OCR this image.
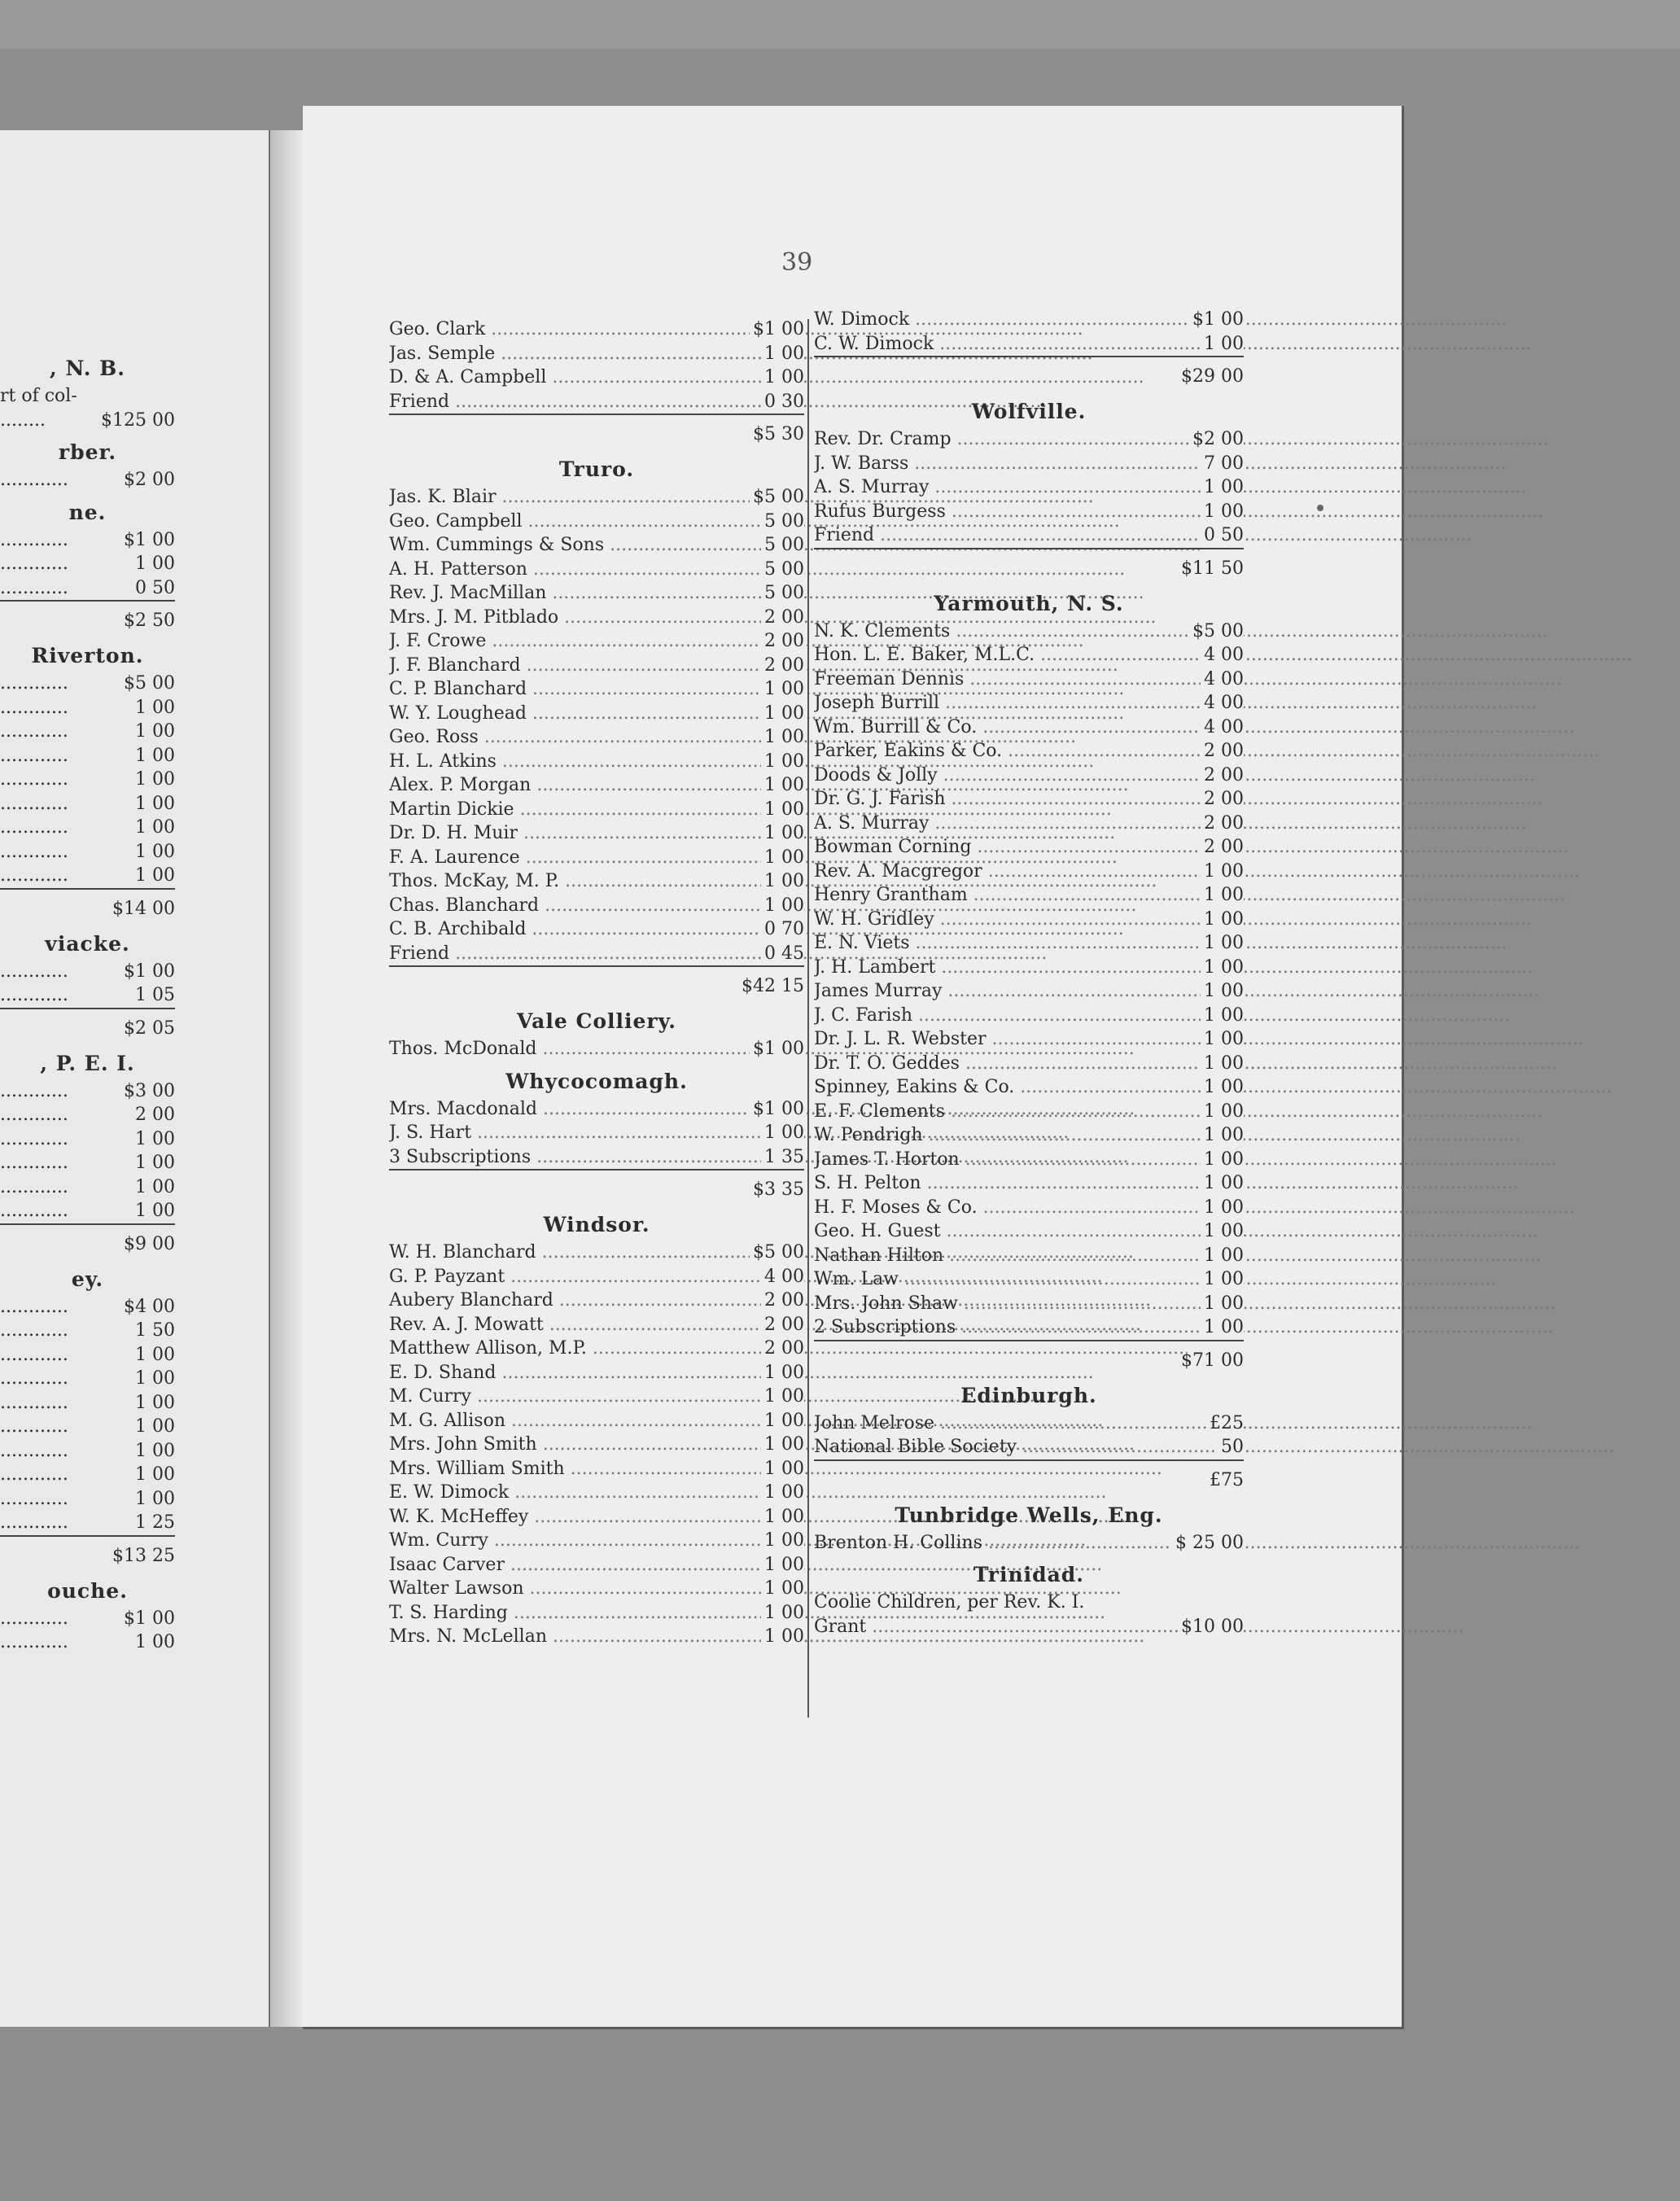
, N. B.
rt of col-
........	$125 00
rber.
............	$2 00
ne.
............	$1 00
............	1 00
............	0 50
$2 50
Riverton.
............	$5 00
............	1 00
............	1 00
............	1 00
............	1 00
............	1 00
............	1 00
............	1 00
............	1 00
$14 00
viacke.
............	$1 00
............	1 05
$2 05
, P. E. I.
............	$3 00
............	2 00
............	1 00
............	1 00
............	1 00
............	1 00
$9 00
ey.
............	$4 00
............	1 50
............	1 00
............	1 00
............	1 00
............	1 00
............	1 00
............	1 00
............	1 00
............	1 25
$13 25
ouche.
............	$1 00
............	1 00
39
Geo. Clark .....	$1 00
Jas. Semple .....	1 00
D. & A. Campbell .....	1 00
Friend .....	0 30
$5 30
Truro.
Jas. K. Blair .....	$5 00
Geo. Campbell .....	5 00
Wm. Cummings & Sons .....	5 00
A. H. Patterson .....	5 00
Rev. J. MacMillan .....	5 00
Mrs. J. M. Pitblado .....	2 00
J. F. Crowe .....	2 00
J. F. Blanchard .....	2 00
C. P. Blanchard .....	1 00
W. Y. Loughead .....	1 00
Geo. Ross .....	1 00
H. L. Atkins .....	1 00
Alex. P. Morgan .....	1 00
Martin Dickie .....	1 00
Dr. D. H. Muir .....	1 00
F. A. Laurence .....	1 00
Thos. McKay, M. P. .....	1 00
Chas. Blanchard .....	1 00
C. B. Archibald .....	0 70
Friend .....	0 45
$42 15
Vale Colliery.
Thos. McDonald .....	$1 00
Whycocomagh.
Mrs. Macdonald .....	$1 00
J. S. Hart .....	1 00
3 Subscriptions .....	1 35
$3 35
Windsor.
W. H. Blanchard .....	$5 00
G. P. Payzant .....	4 00
Aubery Blanchard .....	2 00
Rev. A. J. Mowatt .....	2 00
Matthew Allison, M.P. .....	2 00
E. D. Shand .....	1 00
M. Curry .....	1 00
M. G. Allison .....	1 00
Mrs. John Smith .....	1 00
Mrs. William Smith .....	1 00
E. W. Dimock .....	1 00
W. K. McHeffey .....	1 00
Wm. Curry .....	1 00
Isaac Carver .....	1 00
Walter Lawson .....	1 00
T. S. Harding .....	1 00
Mrs. N. McLellan .....	1 00
W. Dimock .....	$1 00
C. W. Dimock .....	1 00
$29 00
Wolfville.
Rev. Dr. Cramp .....	$2 00
J. W. Barss .....	7 00
A. S. Murray .....	1 00
Rufus Burgess .....	1 00
Friend .....	0 50
$11 50
Yarmouth, N. S.
N. K. Clements .....	$5 00
Hon. L. E. Baker, M.L.C. .....	4 00
Freeman Dennis .....	4 00
Joseph Burrill .....	4 00
Wm. Burrill & Co. .....	4 00
Parker, Eakins & Co. .....	2 00
Doods & Jolly .....	2 00
Dr. G. J. Farish .....	2 00
A. S. Murray .....	2 00
Bowman Corning .....	2 00
Rev. A. Macgregor .....	1 00
Henry Grantham .....	1 00
W. H. Gridley .....	1 00
E. N. Viets .....	1 00
J. H. Lambert .....	1 00
James Murray .....	1 00
J. C. Farish .....	1 00
Dr. J. L. R. Webster .....	1 00
Dr. T. O. Geddes .....	1 00
Spinney, Eakins & Co. .....	1 00
E. F. Clements .....	1 00
W. Pendrigh .....	1 00
James T. Horton .....	1 00
S. H. Pelton .....	1 00
H. F. Moses & Co. .....	1 00
Geo. H. Guest .....	1 00
Nathan Hilton .....	1 00
Wm. Law .....	1 00
Mrs. John Shaw .....	1 00
2 Subscriptions .....	1 00
$71 00
Edinburgh.
John Melrose .....	£25
National Bible Society .....	50
£75
Tunbridge Wells, Eng.
Brenton H. Collins .....	$ 25 00
Trinidad.
Coolie Children, per Rev. K. I.
Grant .....	$10 00
